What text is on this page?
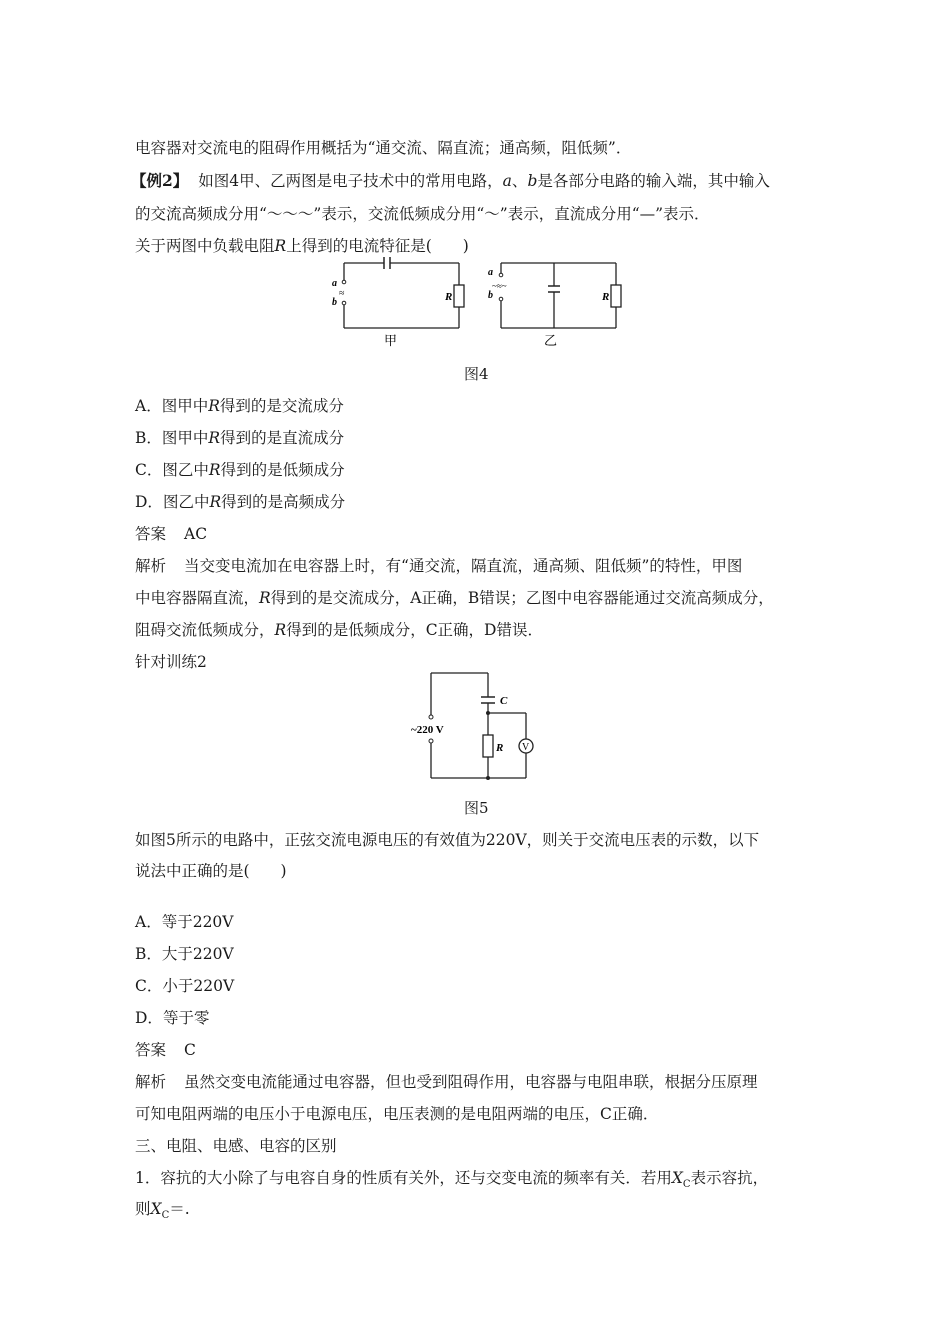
电容器对交流电的阻碍作用概括为“通交流、隔直流；通高频，阻低频”．
【例2】 如图4甲、乙两图是电子技术中的常用电路，a、b是各部分电路的输入端，其中输入
的交流高频成分用“～～～”表示，交流低频成分用“～”表示，直流成分用“—”表示．
关于两图中负载电阻R上得到的电流特征是(　　)
a
b
≈	R
甲
a
b
~≈~
R
乙
图4
A．图甲中R得到的是交流成分
B．图甲中R得到的是直流成分
C．图乙中R得到的是低频成分
D．图乙中R得到的是高频成分
答案 AC
解析 当交变电流加在电容器上时，有“通交流，隔直流，通高频、阻低频”的特性，甲图
中电容器隔直流，R得到的是交流成分，A正确，B错误；乙图中电容器能通过交流高频成分，
阻碍交流低频成分，R得到的是低频成分，C正确，D错误．
针对训练2
~220 V
C
R V
图5
如图5所示的电路中，正弦交流电源电压的有效值为220V，则关于交流电压表的示数，以下
说法中正确的是(　　)
A．等于220V
B．大于220V
C．小于220V
D．等于零
答案 C
解析 虽然交变电流能通过电容器，但也受到阻碍作用，电容器与电阻串联，根据分压原理
可知电阻两端的电压小于电源电压，电压表测的是电阻两端的电压，C正确．
三、电阻、电感、电容的区别
1．容抗的大小除了与电容自身的性质有关外，还与交变电流的频率有关．若用$X_C$表示容抗，
则$X_C=$.
